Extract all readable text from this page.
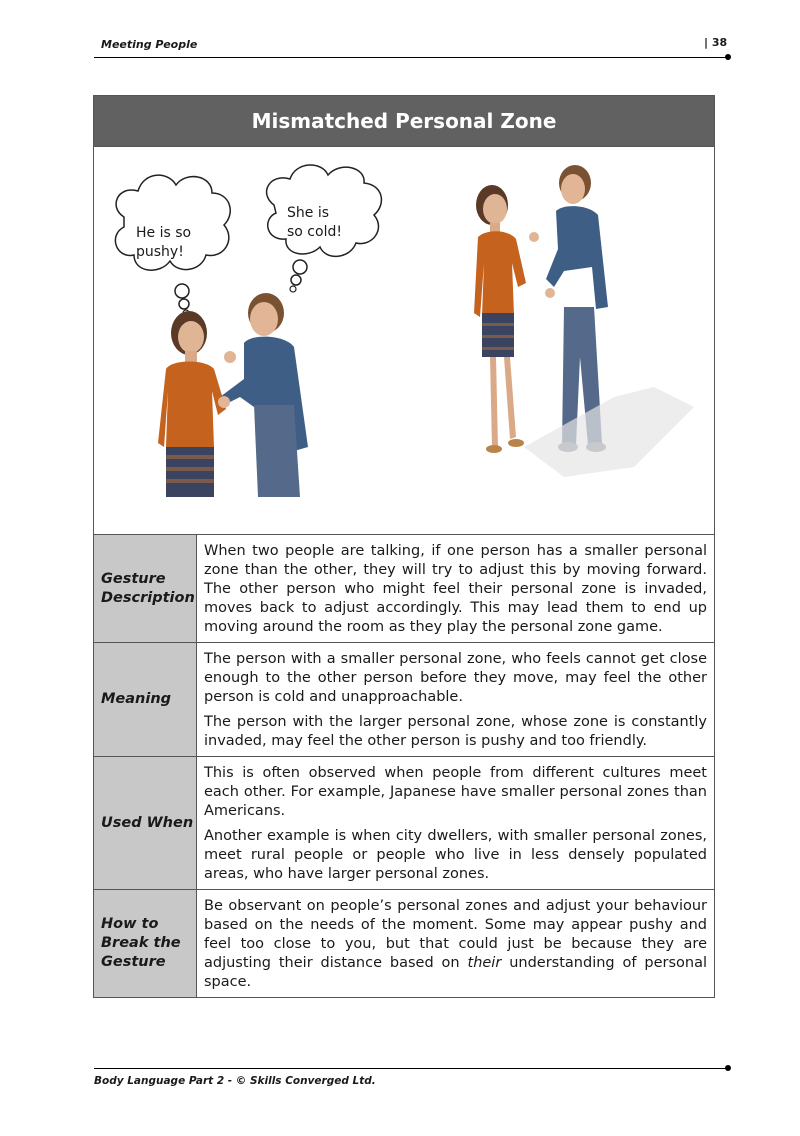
Meeting People	| 38
Mismatched Personal Zone
He is so
pushy!
She is
so cold!
Gesture Description

When two people are talking, if one person has a smaller personal zone than the other, they will try to adjust this by moving forward. The other person who might feel their personal zone is invaded, moves back to adjust accordingly. This may lead them to end up moving around the room as they play the personal zone game.

Meaning

The person with a smaller personal zone, who feels cannot get close enough to the other person before they move, may feel the other person is cold and unapproachable.

The person with the larger personal zone, whose zone is constantly invaded, may feel the other person is pushy and too friendly.

Used When

This is often observed when people from different cultures meet each other. For example, Japanese have smaller personal zones than Americans.

Another example is when city dwellers, with smaller personal zones, meet rural people or people who live in less densely populated areas, who have larger personal zones.

How to Break the Gesture

Be observant on people’s personal zones and adjust your behaviour based on the needs of the moment. Some may appear pushy and feel too close to you, but that could just be because they are adjusting their distance based on their understanding of personal space.

Body Language Part 2 - © Skills Converged Ltd.
